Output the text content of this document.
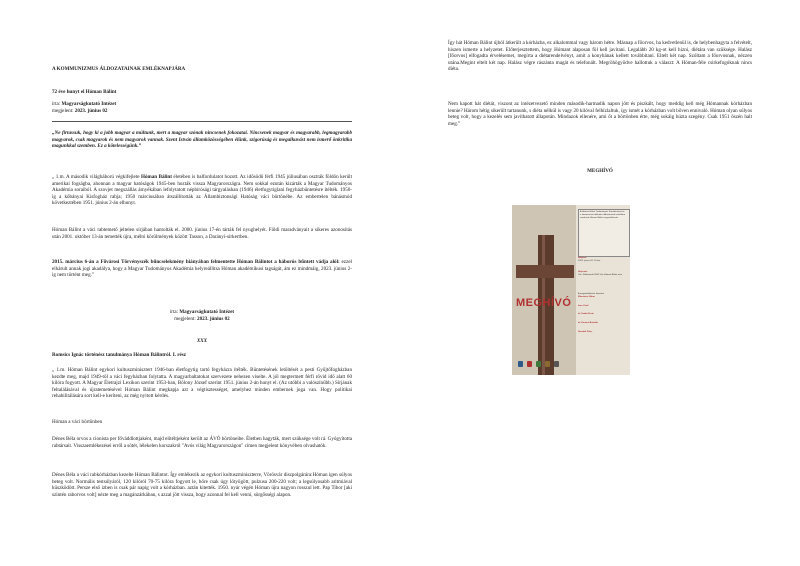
A KOMMUNIZMUS ÁLDOZATAINAK EMLÉKNAPJÁRA

72 éve hunyt el Hóman Bálint

írta: Magyarságkutató Intézet
megjelent: 2023. június 02

„Ne firtassuk, hogy ki a jobb magyar a múltunk, mert a magyar szónak nincsenek fokozatai. Nincsenek magyar és magyarabb, legmagyarabb magyarok, csak magyarok és nem magyarok vannak. Szent István államközösségében élünk, szigorúság és megalkuvást nem ismerő önkritika magunkkal szemben. Ez a kötelességünk.”

„ 1.m. A második világháború végkifejlete Hóman Bálint életében is balfordulatot hozott. Az idősödő férfi 1945 júliusában osztrák földön került amerikai fogságba, ahonnan a magyar hatóságok 1945-ben hozták vissza Magyarországra. Nem sokkal ezután kizárták a Magyar Tudományos Akadémia soraiból. A szovjet megszállás árnyékában lefolytatott népbírósági tárgyaláshan (1946) életfogytiglani fegyházbüntetésre ítélték. 1950-ig a kőbányai Kisfogház rabja; 1950 márciusában átszállították az Állambiztonsági Hatóság váci börtönébe. Az embertelen bánásmód következtében 1951. június 2-án elhunyt.

Hóman Bálint a váci rabtemető jeltelen sírjában hantolták el. 2000. június 17-én tárták fel nyughelyét. Földi maradványait a sikeres azonosítás után 2001. október 13-án temették újra, méltó körülmények között Tasson, a Darányi-sírkertben.

2015. március 6-án a Fővárosi Törvényszék bűncselekmény hiányában felmentette Hóman Bálintot a háborús bűntett vádja alól: ezzel elhárult annak jogi akadálya, hogy a Magyar Tudományos Akadémia helyreállítsa Hóman akadémikusi tagságát, ám ez mindmáig, 2023. június 2-ig nem történt meg.”

írta: Magyarságkutató Intézet
megjelent: 2023. június 02

XXX

Romsics Ignác történész tanulmánya Hóman Bálintról. I. rész

„ 1.m. Hóman Bálint egykori kultuszminisztert 1946-ban életfogytig tartó fegyházra ítélték. Büntetésének letöltését a pesti Gyűjtőfogházban kezdte meg, majd 1949-től a váci fegyházban folytatta. A magyarbaltatokat szervezete nehezen viselte. A jól megtermett férfi rövid idő alatt 60 kilóra fogyott. A Magyar Életrajzi Lexikon szerint 1953-ban, Bólony József szerint 1951. június 2-án hunyt el. (Az utóbbi a valószínűbb.) Sírjának feltalálásával és újratemetésével Hóman Bálint megkapja azt a végtisztességet, amelyhez minden embernek joga van. Hogy politikai rehabilitálására sort kell-e keríteni, az még nyitott kérdés.

Hóman a váci börtönben

Dénes Béla orvos a cionista per főváddlottjaként, majd elítéltjeként került az ÁVÓ börtöneibe. Életben hagyták, mert szüksége volt rá. Gyógyította rabtársait. Visszaemlékezései erről a sötét, lélekelen korszakról "Avós világ Magyarországon" címen megjelent könyvében olvashatók.

Dénes Béla a váci rabkórházban kezelte Hóman Bálintot. Így emlékezik az egykori kultuszminiszterre, Vörösvár diszpolgárára:Hóman igen súlyos beteg volt. Normális testsúlyáról, 120 kilóról 70-75 kilóra fogyott le, bőre csak úgy lötyögött, pulzusa 200-220 volt; a legsúlyosabb aritmiával küszködött. Persze első izben is csak pár napig volt a kórházban. aztán kitették. 1950. nyár végén Hóman újra nagyon rosszul lett. Pap Tibor [aki szintén raborvos volt] nézte meg a magánzárkában, s azzal jött vissza, hogy azonnal fel kell venni, sürgősségi alapon.

Így hát Hóman Bálint újból átkerült a kórházba, ez alkalommal vagy három hétre. Másnap a főorvos, ha kedvetlenül is, de helybenhagyta a felvételt, hiszen ismerte a helyzetet. Előterjesztettem, hogy Hómant alaposan föl kell javítani. Legalább 20 kg-ot kell hízni, diétára van szüksége. Halász [főorvos] elfogadta érvelésemet, megírta a diétarendelvényt, amit a konyhának kellett továbbítani. Eltelt két nap. Szóltam a főorvosnak, nézzen utána.Megint eltelt két nap. Halász végre rászánta magát és telefonált. Megröhögyödve hallottuk a választ: A Hóman-féle csirkefogóknak nincs diéta.

Nem kapott hát diétát, viszont az intézetvezető minden második-harmadik napon jött és piszkált, hogy meddig kell még Hómannak kórházban lennie? Három hétig sikerült tartanunk, s diéta nélkül is vagy 20 kilóval felhízlaltuk, így ismét a kórházban volt bőven ennivaló. Hóman olyan súlyos beteg volt, hogy a kezelés sem javíthatott állapotán. Mindazok ellenére, ami őt a börtönben érte, még sokáig húzta szegény. Csak 1951 őszén halt meg.”

MEGHÍVÓ

MEGHÍVÓ
A Hóman Bálint Tudományos Kutatóintézet és a kommunista diktatúra áldozatainak emlékére rendezett Hóman Bálint megemlékezés
Időpont:
2023. június 02. 10 óra
Helyszín:
Vác, Rabtemető 2600 Vác Hóman Bálint utca
A megemlékezést köszönti
Mészáros Gábor
Imre Zsolt
dr. Szabó Ervin
dr. Kovács Borbála
Horváth Péter
